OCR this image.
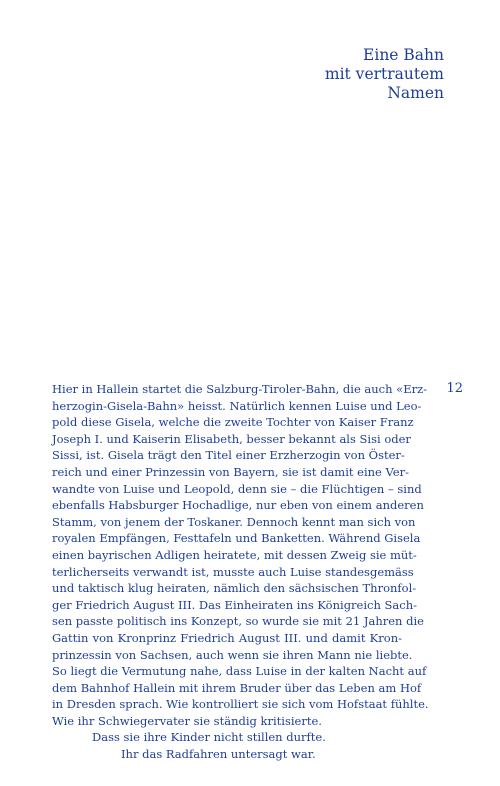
Eine Bahn
mit vertrautem
Namen
12
Hier in Hallein startet die Salzburg-Tiroler-Bahn, die auch «Erz-
herzogin-Gisela-Bahn» heisst. Natürlich kennen Luise und Leo-
pold diese Gisela, welche die zweite Tochter von Kaiser Franz
Joseph I. und Kaiserin Elisabeth, besser bekannt als Sisi oder
Sissi, ist. Gisela trägt den Titel einer Erzherzogin von Öster-
reich und einer Prinzessin von Bayern, sie ist damit eine Ver-
wandte von Luise und Leopold, denn sie – die Flüchtigen – sind
ebenfalls Habsburger Hochadlige, nur eben von einem anderen
Stamm, von jenem der Toskaner. Dennoch kennt man sich von
royalen Empfängen, Festtafeln und Banketten. Während Gisela
einen bayrischen Adligen heiratete, mit dessen Zweig sie müt-
terlicherseits verwandt ist, musste auch Luise standesgemäss
und taktisch klug heiraten, nämlich den sächsischen Thronfol-
ger Friedrich August III. Das Einheiraten ins Königreich Sach-
sen passte politisch ins Konzept, so wurde sie mit 21 Jahren die
Gattin von Kronprinz Friedrich August III. und damit Kron-
prinzessin von Sachsen, auch wenn sie ihren Mann nie liebte.
So liegt die Vermutung nahe, dass Luise in der kalten Nacht auf
dem Bahnhof Hallein mit ihrem Bruder über das Leben am Hof
in Dresden sprach. Wie kontrolliert sie sich vom Hofstaat fühlte.
Wie ihr Schwiegervater sie ständig kritisierte.
Dass sie ihre Kinder nicht stillen durfte.
Ihr das Radfahren untersagt war.
